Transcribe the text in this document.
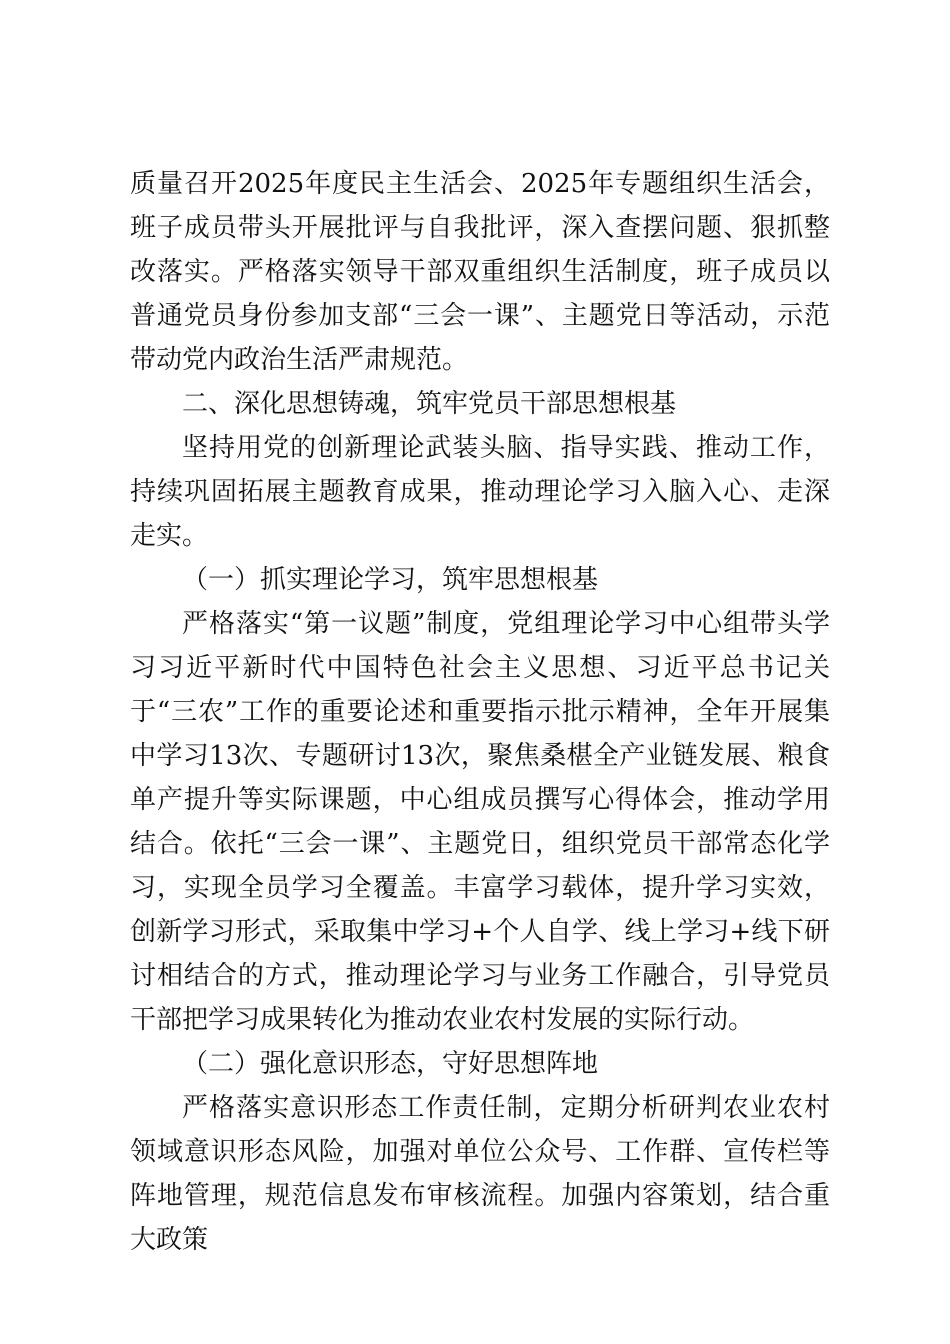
质量召开2025年度民主生活会、2025年专题组织生活会，班子成员带头开展批评与自我批评，深入查摆问题、狠抓整改落实。严格落实领导干部双重组织生活制度，班子成员以普通党员身份参加支部“三会一课”、主题党日等活动，示范带动党内政治生活严肃规范。

二、深化思想铸魂，筑牢党员干部思想根基

坚持用党的创新理论武装头脑、指导实践、推动工作，持续巩固拓展主题教育成果，推动理论学习入脑入心、走深走实。

（一）抓实理论学习，筑牢思想根基

严格落实“第一议题”制度，党组理论学习中心组带头学习习近平新时代中国特色社会主义思想、习近平总书记关于“三农”工作的重要论述和重要指示批示精神，全年开展集中学习13次、专题研讨13次，聚焦桑椹全产业链发展、粮食单产提升等实际课题，中心组成员撰写心得体会，推动学用结合。依托“三会一课”、主题党日，组织党员干部常态化学习，实现全员学习全覆盖。丰富学习载体，提升学习实效，创新学习形式，采取集中学习+个人自学、线上学习+线下研讨相结合的方式，推动理论学习与业务工作融合，引导党员干部把学习成果转化为推动农业农村发展的实际行动。

（二）强化意识形态，守好思想阵地

严格落实意识形态工作责任制，定期分析研判农业农村领域意识形态风险，加强对单位公众号、工作群、宣传栏等阵地管理，规范信息发布审核流程。加强内容策划，结合重大政策
